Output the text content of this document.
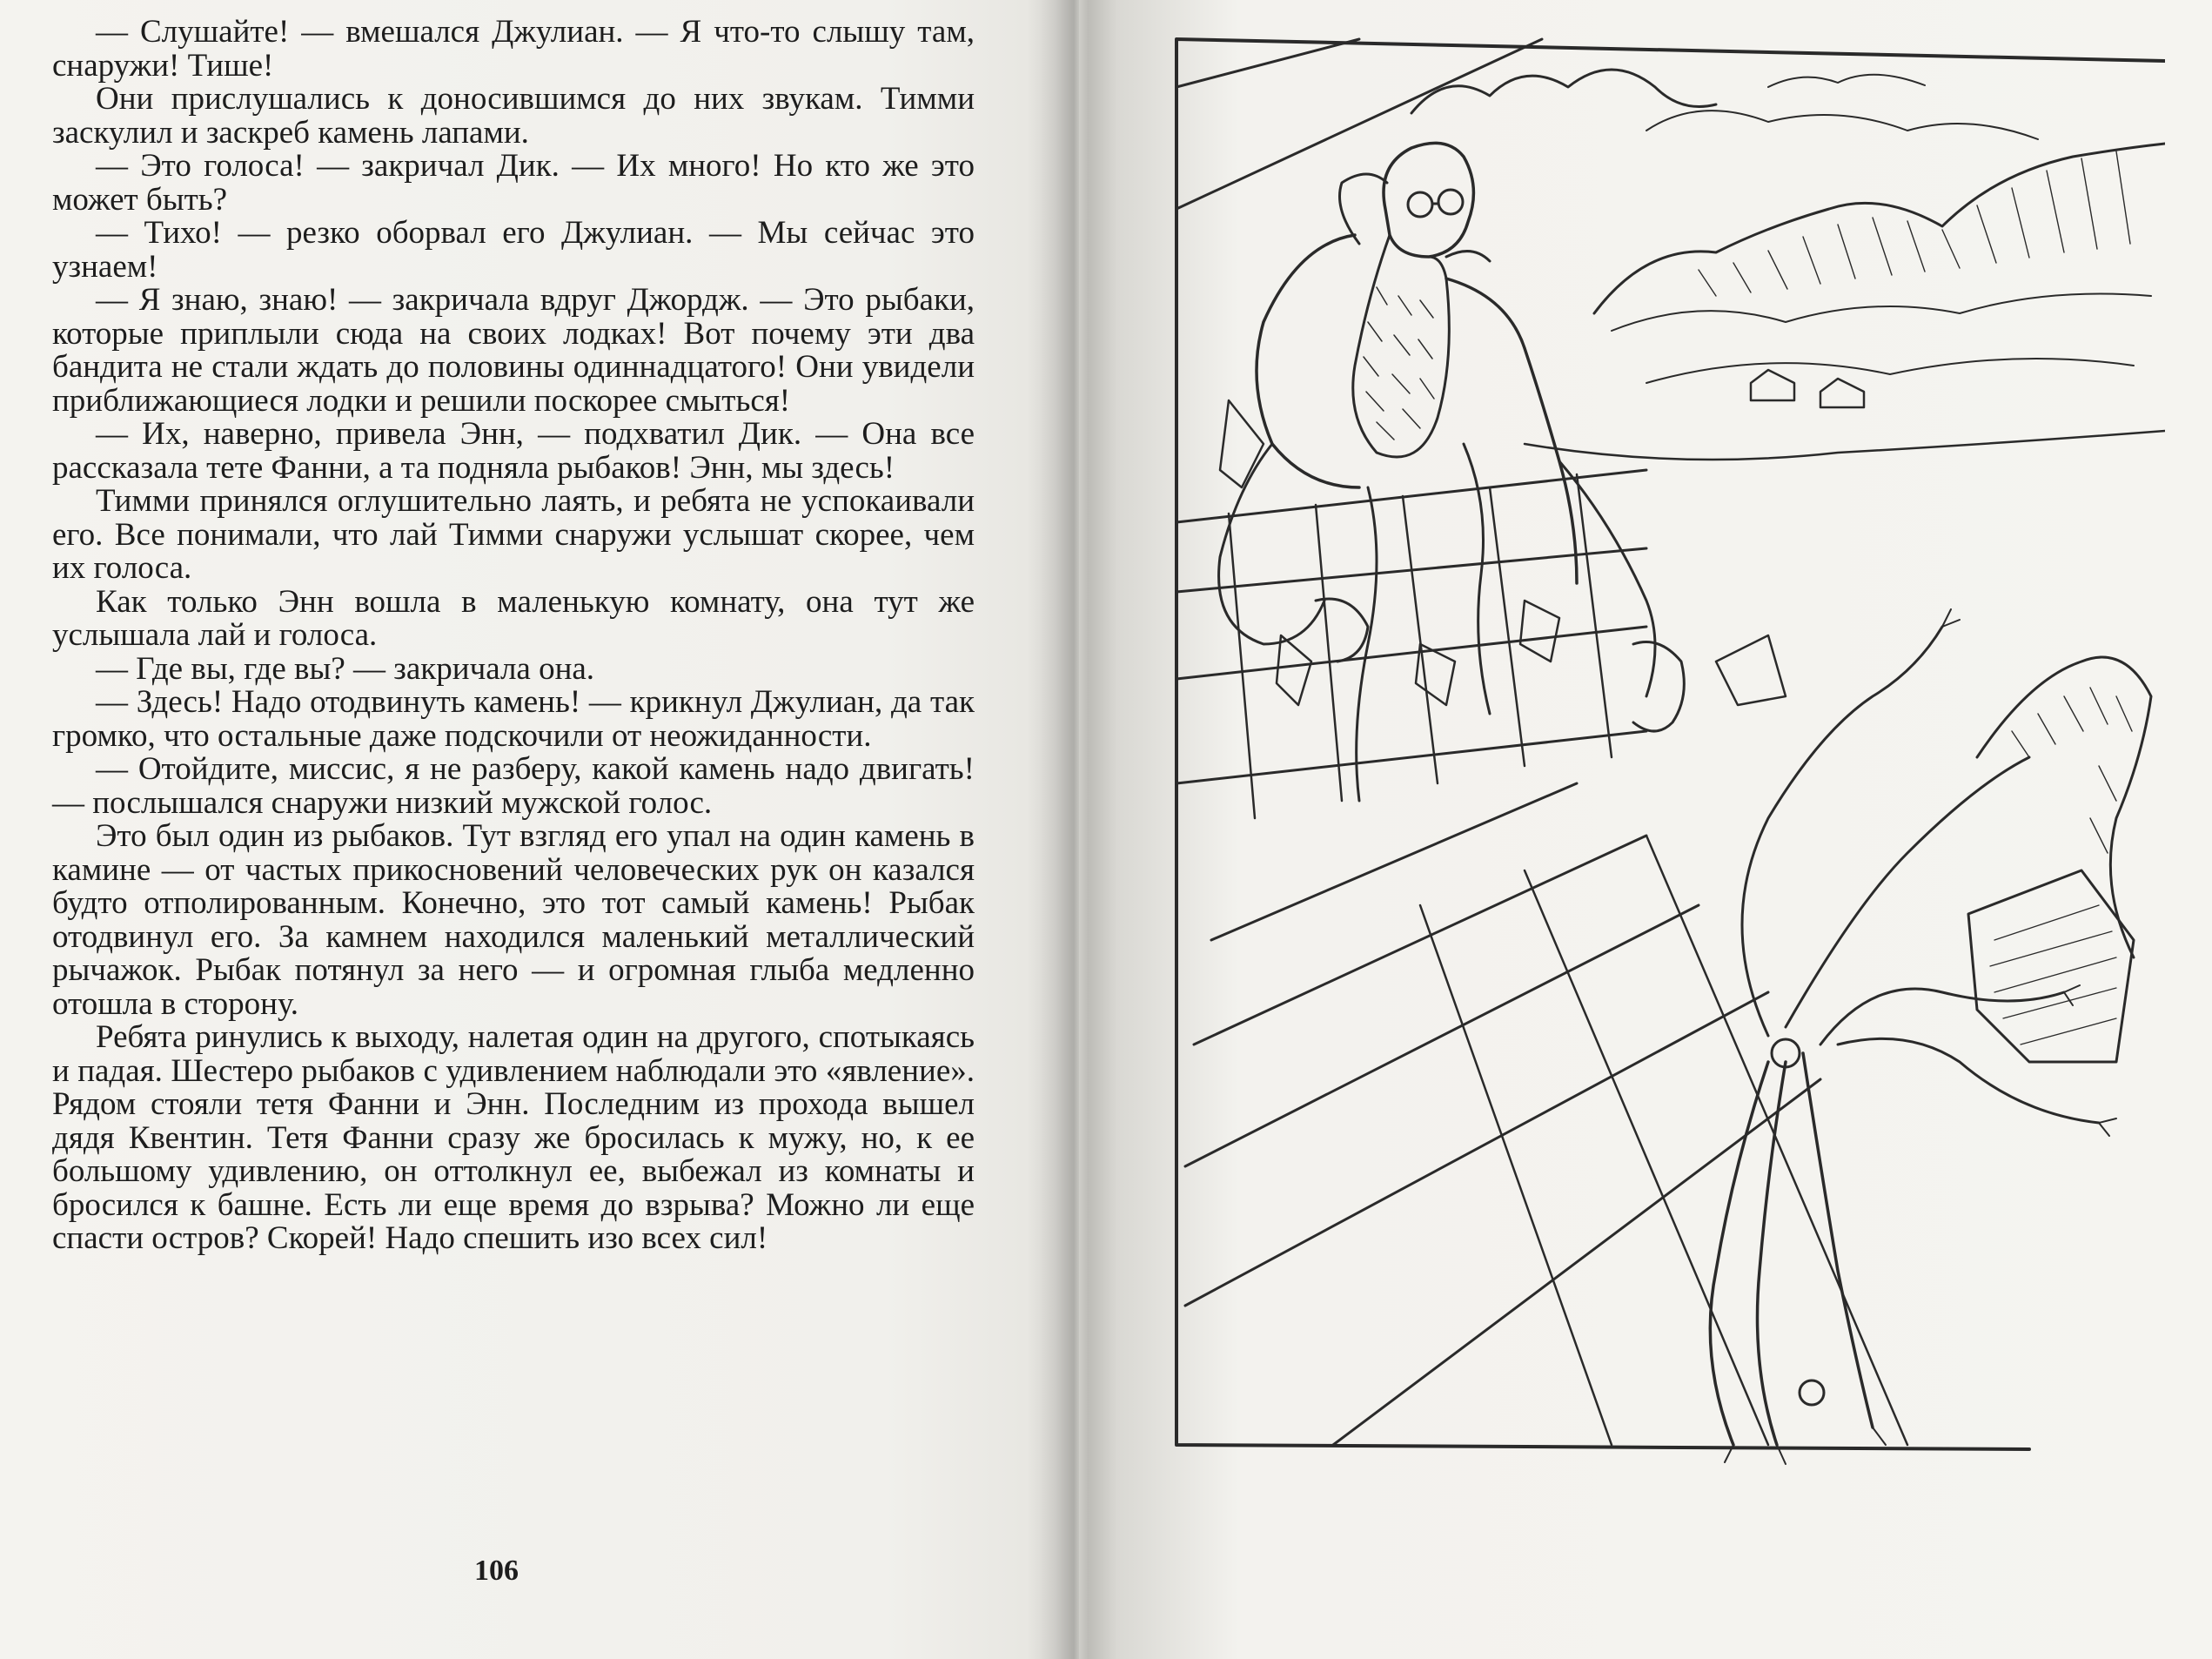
— Слушайте! — вмешался Джулиан. — Я что-то слышу там, снаружи! Тише!

Они прислушались к доносившимся до них звукам. Тимми заскулил и заскреб камень лапами.

— Это голоса! — закричал Дик. — Их много! Но кто же это может быть?

— Тихо! — резко оборвал его Джулиан. — Мы сейчас это узнаем!

— Я знаю, знаю! — закричала вдруг Джордж. — Это рыбаки, которые приплыли сюда на своих лодках! Вот почему эти два бандита не стали ждать до половины одиннадцатого! Они увидели приближающиеся лодки и решили поскорее смыться!

— Их, наверно, привела Энн, — подхватил Дик. — Она все рассказала тете Фанни, а та подняла рыбаков! Энн, мы здесь!

Тимми принялся оглушительно лаять, и ребята не успокаивали его. Все понимали, что лай Тимми снаружи услышат скорее, чем их голоса.

Как только Энн вошла в маленькую комнату, она тут же услышала лай и голоса.

— Где вы, где вы? — закричала она.

— Здесь! Надо отодвинуть камень! — крикнул Джулиан, да так громко, что остальные даже подскочили от неожиданности.

— Отойдите, миссис, я не разберу, какой камень надо двигать! — послышался снаружи низкий мужской голос.

Это был один из рыбаков. Тут взгляд его упал на один камень в камине — от частых прикосновений человеческих рук он казался будто отполированным. Конечно, это тот самый камень! Рыбак отодвинул его. За камнем находился маленький металлический рычажок. Рыбак потянул за него — и огромная глыба медленно отошла в сторону.

Ребята ринулись к выходу, налетая один на другого, спотыкаясь и падая. Шестеро рыбаков с удивлением наблюдали это «явление». Рядом стояли тетя Фанни и Энн. Последним из прохода вышел дядя Квентин. Тетя Фанни сразу же бросилась к мужу, но, к ее большому удивлению, он оттолкнул ее, выбежал из комнаты и бросился к башне. Есть ли еще время до взрыва? Можно ли еще спасти остров? Скорей! Надо спешить изо всех сил!

106
